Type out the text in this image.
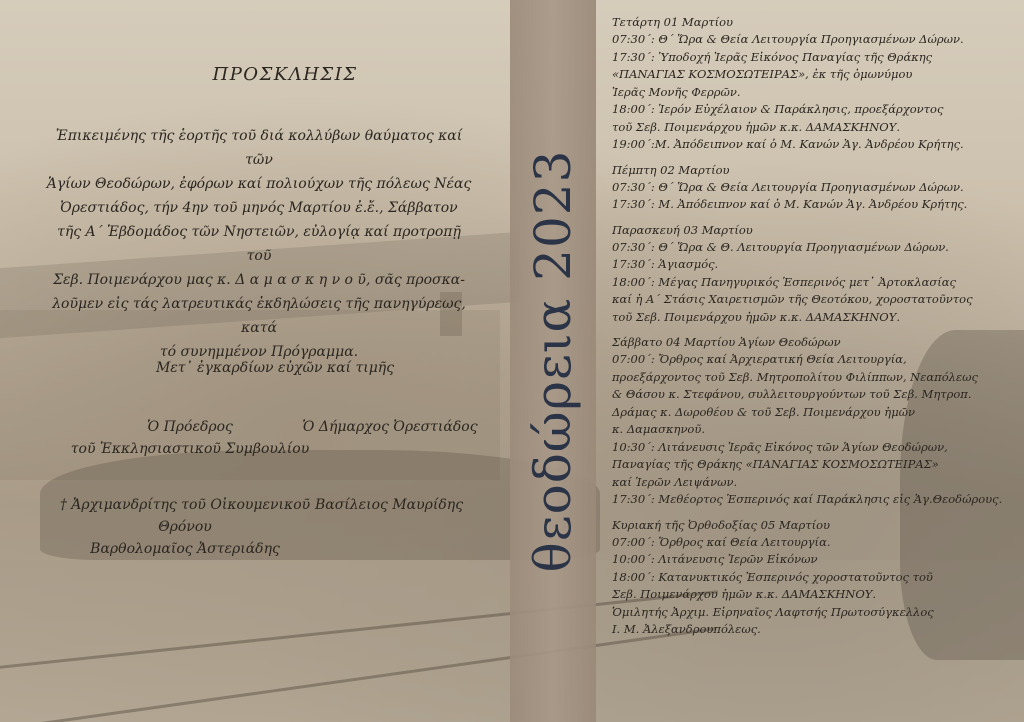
ΠΡΟΣΚΛΗΣΙΣ
Ἐπικειμένης τῆς ἑορτῆς τοῦ διά κολλύβων θαύματος καί τῶν
Ἁγίων Θεοδώρων, ἐφόρων καί πολιούχων τῆς πόλεως Νέας
Ὀρεστιάδος, τήν 4ην τοῦ μηνός Μαρτίου ἐ.ἔ., Σάββατον
τῆς Α΄ Ἑβδομάδος τῶν Νηστειῶν, εὐλογίᾳ καί προτροπῇ τοῦ
Σεβ. Ποιμενάρχου μας κ. Δ α μ α σ κ η ν ο ῦ, σᾶς προσκα-
λοῦμεν εἰς τάς λατρευτικάς ἐκδηλώσεις τῆς πανηγύρεως, κατά
τό συνημμένον Πρόγραμμα.
Μετ᾿ ἐγκαρδίων εὐχῶν καί τιμῆς
Ὁ Πρόεδρος
τοῦ Ἐκκλησιαστικοῦ Συμβουλίου
Ὁ Δήμαρχος Ὀρεστιάδος
† Ἀρχιμανδρίτης τοῦ Οἰκουμενικοῦ Θρόνου
Βαρθολομαῖος Ἀστεριάδης
Βασίλειος Μαυρίδης θεοδώρεια 2023
Τετάρτη 01 Μαρτίου
07:30΄: Θ΄ Ὥρα & Θεία Λειτουργία Προηγιασμένων Δώρων.
17:30΄: Ὑποδοχή Ἱερᾶς Εἰκόνος Παναγίας τῆς Θράκης
«ΠΑΝΑΓΙΑΣ ΚΟΣΜΟΣΩΤΕΙΡΑΣ», ἐκ τῆς ὁμωνύμου
Ἱερᾶς Μονῆς Φερρῶν.
18:00΄: Ἱερόν Εὐχέλαιον & Παράκλησις, προεξάρχοντος
τοῦ Σεβ. Ποιμενάρχου ἡμῶν κ.κ. ΔΑΜΑΣΚΗΝΟΥ.
19:00΄:Μ. Ἀπόδειπνον καί ὁ Μ. Κανών Ἁγ. Ἀνδρέου Κρήτης.
Πέμπτη 02 Μαρτίου
07:30΄: Θ΄ Ὥρα & Θεία Λειτουργία Προηγιασμένων Δώρων.
17:30΄: Μ. Ἀπόδειπνον καί ὁ Μ. Κανών Ἁγ. Ἀνδρέου Κρήτης.
Παρασκευή 03 Μαρτίου
07:30΄: Θ΄ Ὥρα & Θ. Λειτουργία Προηγιασμένων Δώρων.
17:30΄: Ἁγιασμός.
18:00΄: Μέγας Πανηγυρικός Ἑσπερινός μετ᾿ Ἀρτοκλασίας
καί ἡ Α΄ Στάσις Χαιρετισμῶν τῆς Θεοτόκου, χοροστατοῦντος
τοῦ Σεβ. Ποιμενάρχου ἡμῶν κ.κ. ΔΑΜΑΣΚΗΝΟΥ.
Σάββατο 04 Μαρτίου Ἁγίων Θεοδώρων
07:00΄: Ὄρθρος καί Ἀρχιερατική Θεία Λειτουργία,
προεξάρχοντος τοῦ Σεβ. Μητροπολίτου Φιλίππων, Νεαπόλεως
& Θάσου κ. Στεφάνου, συλλειτουργούντων τοῦ Σεβ. Μητροπ.
Δράμας κ. Δωροθέου & τοῦ Σεβ. Ποιμενάρχου ἡμῶν
κ. Δαμασκηνοῦ.
10:30΄: Λιτάνευσις Ἱερᾶς Εἰκόνος τῶν Ἁγίων Θεοδώρων,
Παναγίας τῆς Θράκης «ΠΑΝΑΓΙΑΣ ΚΟΣΜΟΣΩΤΕΙΡΑΣ»
καί Ἱερῶν Λειψάνων.
17:30΄: Μεθέορτος Ἑσπερινός καί Παράκλησις εἰς Ἁγ.Θεοδώρους.
Κυριακή τῆς Ὀρθοδοξίας 05 Μαρτίου
07:00΄: Ὄρθρος καί Θεία Λειτουργία.
10:00΄: Λιτάνευσις Ἱερῶν Εἰκόνων
18:00΄: Κατανυκτικός Ἑσπερινός χοροστατοῦντος τοῦ
Σεβ. Ποιμενάρχου ἡμῶν κ.κ. ΔΑΜΑΣΚΗΝΟΥ.
Ὁμιλητής Ἀρχιμ. Εἰρηναῖος Λαφτσής Πρωτοσύγκελλος
Ι. Μ. Ἀλεξανδρουπόλεως.
